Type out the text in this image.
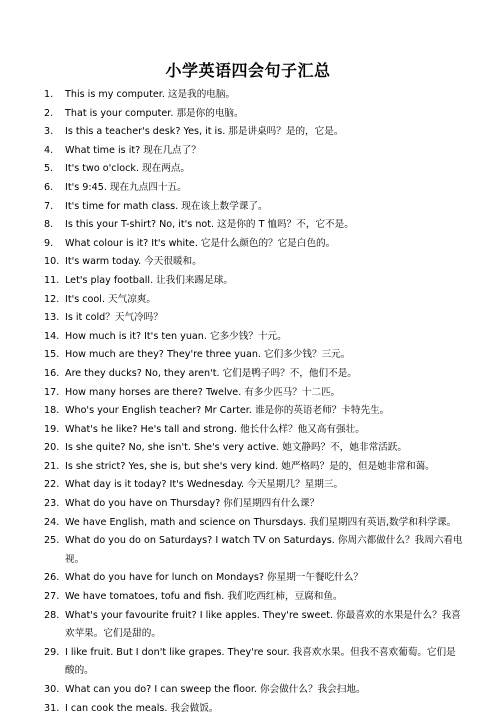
小学英语四会句子汇总
1.	This is my computer. 这是我的电脑。
2.	That is your computer. 那是你的电脑。
3.	Is this a teacher's desk? Yes, it is. 那是讲桌吗？是的，它是。
4.	What time is it? 现在几点了？
5.	It's two o'clock. 现在两点。
6.	It's 9:45. 现在九点四十五。
7.	It's time for math class. 现在该上数学课了。
8.	Is this your T-shirt? No, it's not. 这是你的 T 恤吗？不，它不是。
9.	What colour is it? It's white. 它是什么颜色的？它是白色的。
10. It's warm today. 今天很暖和。
11. Let's play football. 让我们来踢足球。
12. It's cool. 天气凉爽。
13. Is it cold？天气冷吗？
14. How much is it? It's ten yuan. 它多少钱？十元。
15. How much are they? They're three yuan. 它们多少钱？三元。
16. Are they ducks? No, they aren't. 它们是鸭子吗？不，他们不是。
17. How many horses are there? Twelve. 有多少匹马？十二匹。
18. Who's your English teacher? Mr Carter. 谁是你的英语老师？卡特先生。
19. What's he like? He's tall and strong. 他长什么样？他又高有强壮。
20. Is she quite? No, she isn't. She's very active. 她文静吗？不，她非常活跃。
21. Is she strict? Yes, she is, but she's very kind. 她严格吗？是的，但是她非常和蔼。
22. What day is it today? It's Wednesday. 今天星期几？星期三。
23. What do you have on Thursday? 你们星期四有什么课？
24. We have English, math and science on Thursdays. 我们星期四有英语,数学和科学课。
25. What do you do on Saturdays? I watch TV on Saturdays. 你周六都做什么？我周六看电视。
26. What do you have for lunch on Mondays? 你星期一午餐吃什么？
27. We have tomatoes, tofu and fish. 我们吃西红柿，豆腐和鱼。
28. What's your favourite fruit? I like apples. They're sweet. 你最喜欢的水果是什么？我喜欢苹果。它们是甜的。
29. I like fruit. But I don't like grapes. They're sour. 我喜欢水果。但我不喜欢葡萄。它们是酸的。
30. What can you do? I can sweep the floor. 你会做什么？我会扫地。
31. I can cook the meals. 我会做饭。
